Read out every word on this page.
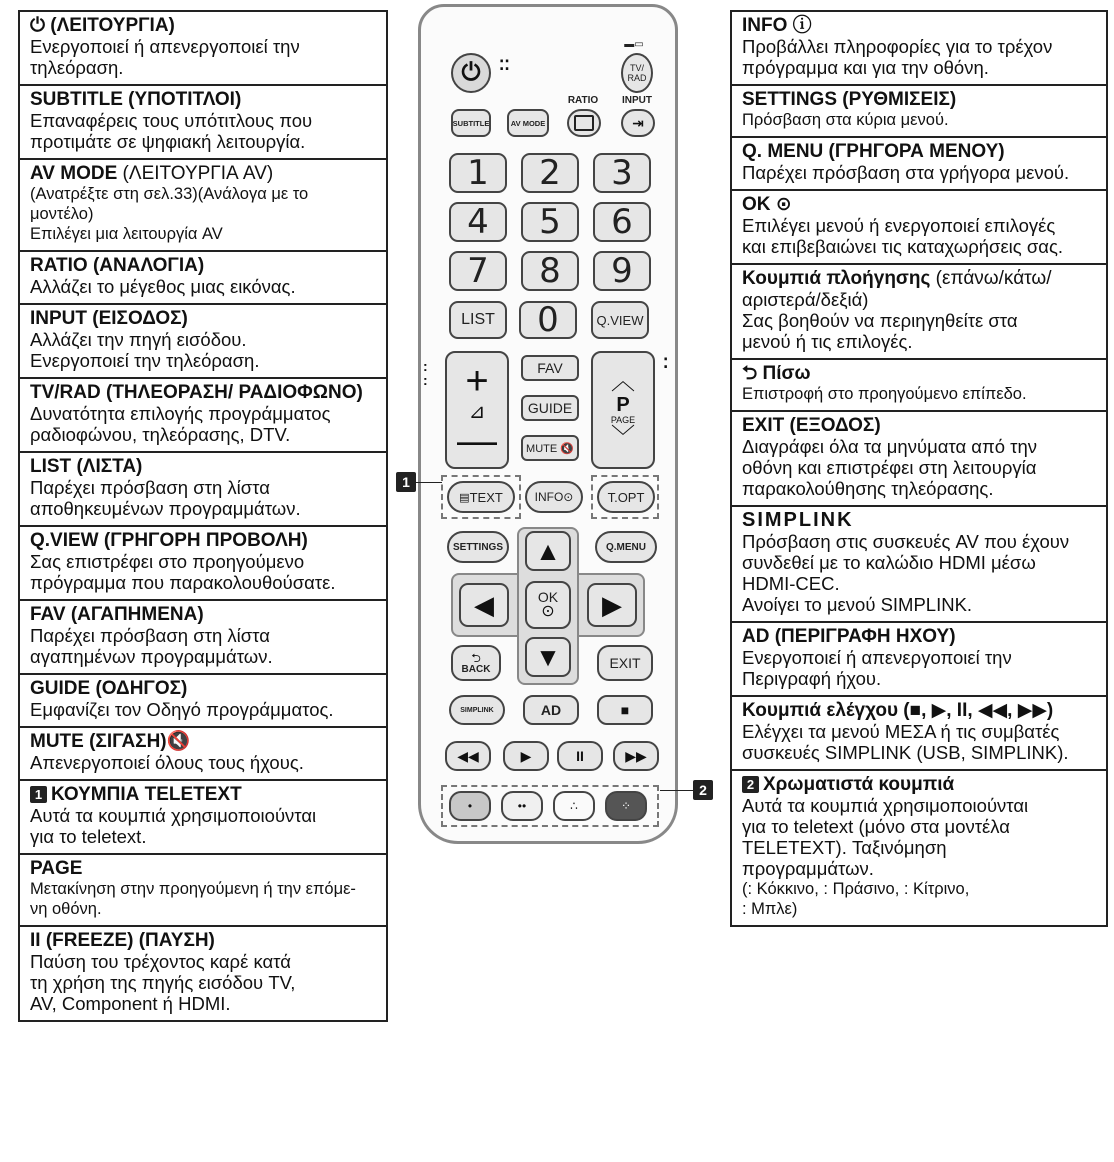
⏻ (ΛΕΙΤΟΥΡΓΙΑ)
Ενεργοποιεί ή απενεργοποιεί την
τηλεόραση.
SUBTITLE (ΥΠΟΤΙΤΛΟΙ)
Επαναφέρεις τους υπότιτλους που
προτιμάτε σε ψηφιακή λειτουργία.
AV MODE (ΛΕΙΤΟΥΡΓΙΑ AV)
(Ανατρέξτε στη σελ.33)(Ανάλογα με το
μοντέλο)
Επιλέγει μια λειτουργία AV
RATIO (ΑΝΑΛΟΓΙΑ)
Αλλάζει το μέγεθος μιας εικόνας.
INPUT (ΕΙΣΟΔΟΣ)
Αλλάζει την πηγή εισόδου.
Ενεργοποιεί την τηλεόραση.
TV/RAD (ΤΗΛΕΟΡΑΣΗ/ ΡΑΔΙΟΦΩΝΟ)
Δυνατότητα επιλογής προγράμματος
ραδιοφώνου, τηλεόρασης, DTV.
LIST (ΛΙΣΤΑ)
Παρέχει πρόσβαση στη λίστα
αποθηκευμένων προγραμμάτων.
Q.VIEW (ΓΡΗΓΟΡΗ ΠΡΟΒΟΛΗ)
Σας επιστρέφει στο προηγούμενο
πρόγραμμα που παρακολουθούσατε.
FAV (ΑΓΑΠΗΜΕΝΑ)
Παρέχει πρόσβαση στη λίστα
αγαπημένων προγραμμάτων.
GUIDE (ΟΔΗΓΟΣ)
Εμφανίζει τον Οδηγό προγράμματος.
MUTE (ΣΙΓΑΣΗ)🔇
Απενεργοποιεί όλους τους ήχους.
1 ΚΟΥΜΠΙΑ TELETEXT
Αυτά τα κουμπιά χρησιμοποιούνται
για το teletext.
PAGE
Μετακίνηση στην προηγούμενη ή την επόμε-
νη οθόνη.
II (FREEZE) (ΠΑΥΣΗ)
Παύση του τρέχοντος καρέ κατά
τη χρήση της πηγής εισόδου TV,
AV, Component ή HDMI.
INFO ⓘ
Προβάλλει πληροφορίες για το τρέχον
πρόγραμμα και για την οθόνη.
SETTINGS (ΡΥΘΜΙΣΕΙΣ)
Πρόσβαση στα κύρια μενού.
Q. MENU (ΓΡΗΓΟΡΑ ΜΕΝΟΥ)
Παρέχει πρόσβαση στα γρήγορα μενού.
OK ⊙
Επιλέγει μενού ή ενεργοποιεί επιλογές
και επιβεβαιώνει τις καταχωρήσεις σας.
Κουμπιά πλοήγησης (επάνω/κάτω/
αριστερά/δεξιά)
Σας βοηθούν να περιηγηθείτε στα
μενού ή τις επιλογές.
⮌ Πίσω
Επιστροφή στο προηγούμενο επίπεδο.
EXIT (ΕΞΟΔΟΣ)
Διαγράφει όλα τα μηνύματα από την
οθόνη και επιστρέφει στη λειτουργία
παρακολούθησης τηλεόρασης.
SIMPLINK
Πρόσβαση στις συσκευές AV που έχουν
συνδεθεί με το καλώδιο HDMI μέσω
HDMI-CEC.
Ανοίγει το μενού SIMPLINK.
AD (ΠΕΡΙΓΡΑΦΗ ΗΧΟΥ)
Ενεργοποιεί ή απενεργοποιεί την
Περιγραφή ήχου.
Κουμπιά ελέγχου (■, ▶, II, ◀◀, ▶▶)
Ελέγχει τα μενού MEΣA ή τις συμβατές
συσκευές SIMPLINK (USB, SIMPLINK).
2 Χρωματιστά κουμπιά
Αυτά τα κουμπιά χρησιμοποιούνται
για το teletext (μόνο στα μοντέλα
TELETEXT). Ταξινόμηση
προγραμμάτων.
(: Κόκκινο, : Πράσινο, : Κίτρινο,
: Μπλε)
⏻ ⁚⁚
▬▭
TV/ RAD
SUBTITLE	AV MODE
RATIO	INPUT
⇥
1 2 3
4 5 6
7 8 9
LIST 0	Q.VIEW
+
⊿
—
:
:
FAV
GUIDE
MUTE 🔇
︿
P
PAGE
﹀
⁚
▤ TEXT	INFO⊙	T.OPT
SETTINGS	Q.MENU
▲
◀	OK
⊙ ▶
▼
⮌
BACK	EXIT
SIMPLINK	AD	■
◀◀	▶	II	▶▶
•	••	∴	⁘
1
2
